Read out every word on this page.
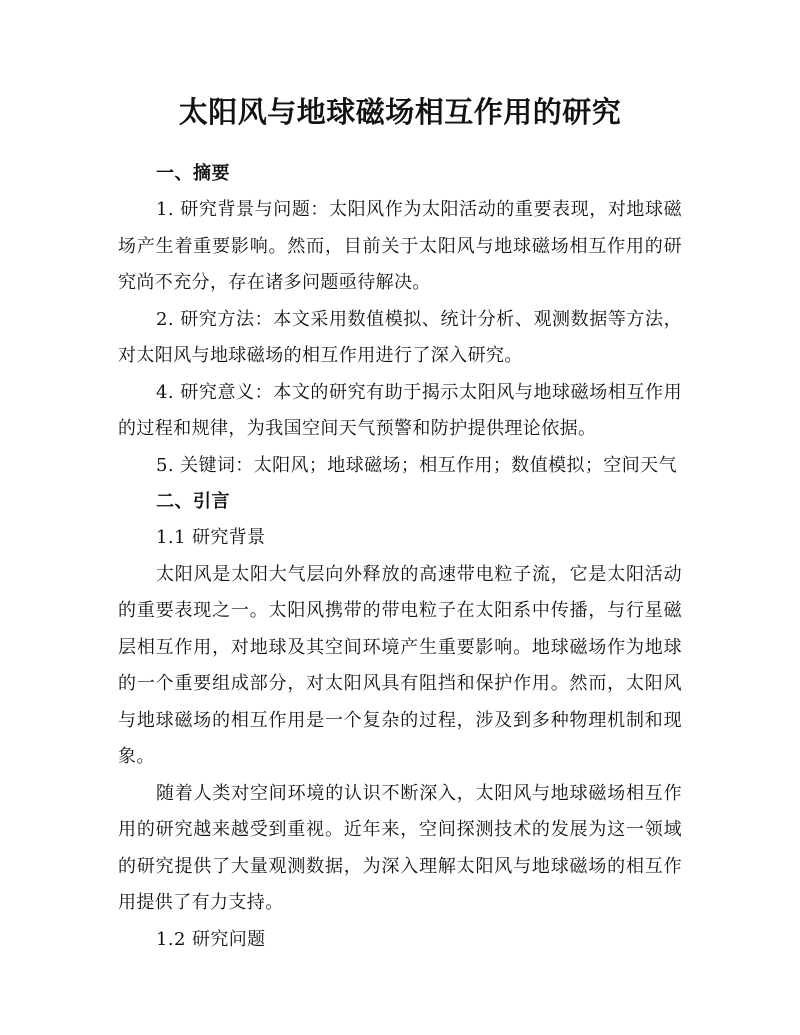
太阳风与地球磁场相互作用的研究

一、摘要

1. 研究背景与问题：太阳风作为太阳活动的重要表现，对地球磁场产生着重要影响。然而，目前关于太阳风与地球磁场相互作用的研究尚不充分，存在诸多问题亟待解决。

2. 研究方法：本文采用数值模拟、统计分析、观测数据等方法，对太阳风与地球磁场的相互作用进行了深入研究。

4. 研究意义：本文的研究有助于揭示太阳风与地球磁场相互作用的过程和规律，为我国空间天气预警和防护提供理论依据。

5. 关键词：太阳风；地球磁场；相互作用；数值模拟；空间天气

二、引言

1.1 研究背景

太阳风是太阳大气层向外释放的高速带电粒子流，它是太阳活动的重要表现之一。太阳风携带的带电粒子在太阳系中传播，与行星磁层相互作用，对地球及其空间环境产生重要影响。地球磁场作为地球的一个重要组成部分，对太阳风具有阻挡和保护作用。然而，太阳风与地球磁场的相互作用是一个复杂的过程，涉及到多种物理机制和现象。

随着人类对空间环境的认识不断深入，太阳风与地球磁场相互作用的研究越来越受到重视。近年来，空间探测技术的发展为这一领域的研究提供了大量观测数据，为深入理解太阳风与地球磁场的相互作用提供了有力支持。

1.2 研究问题
